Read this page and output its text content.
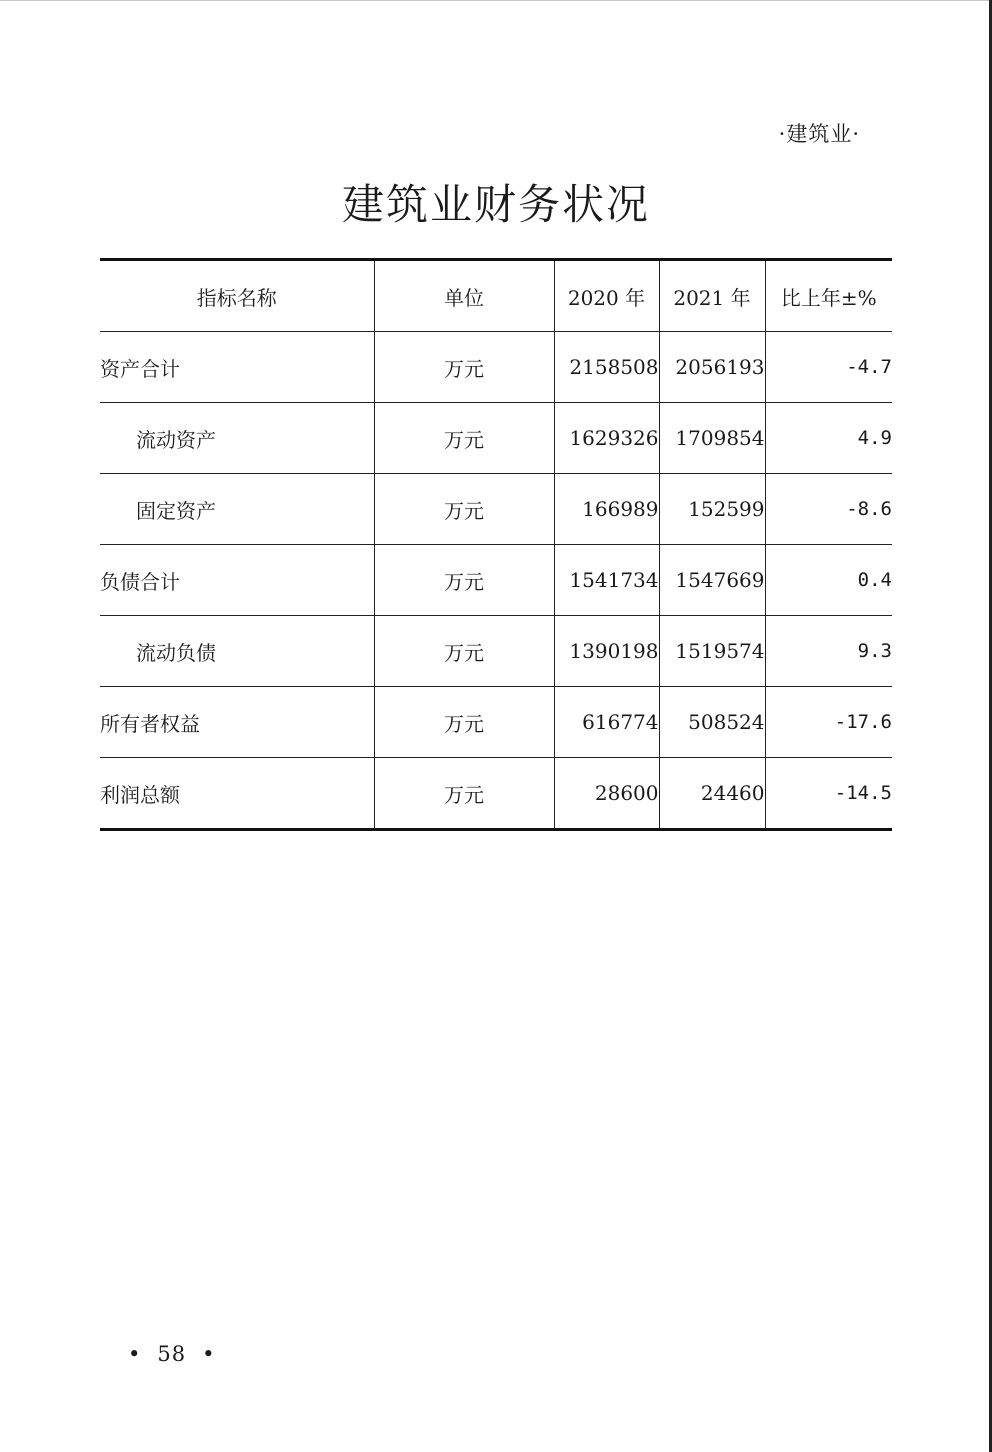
·建筑业·
建筑业财务状况
指标名称	单位	2020 年	2021 年	比上年±%
资产合计	万元	2158508	2056193	-4.7
流动资产	万元	1629326	1709854	4.9
固定资产	万元	166989	152599	-8.6
负债合计	万元	1541734	1547669	0.4
流动负债	万元	1390198	1519574	9.3
所有者权益	万元	616774	508524	-17.6
利润总额	万元	28600	24460	-14.5
• 58 •
